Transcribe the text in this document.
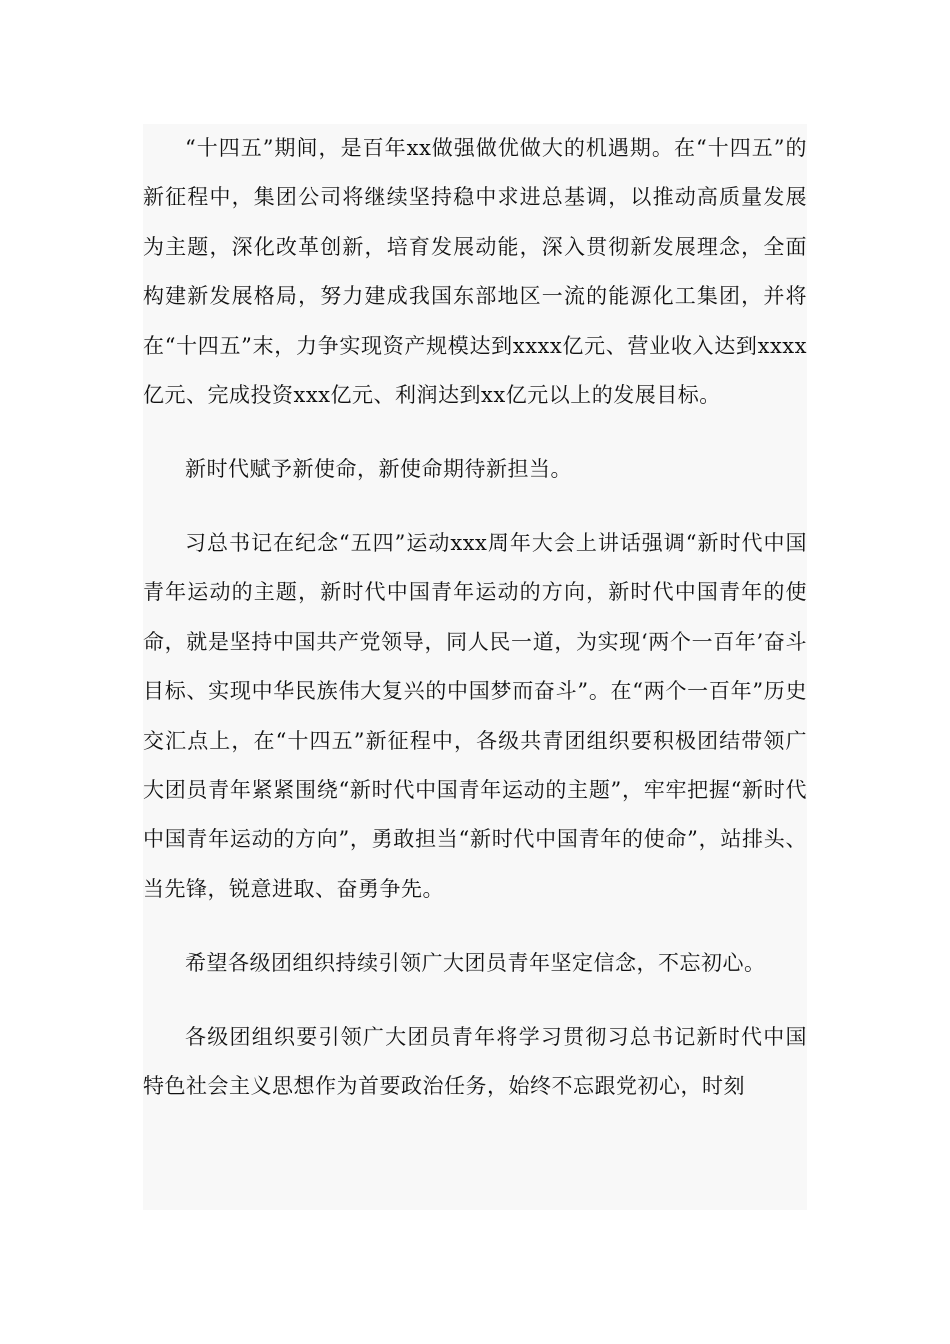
“十四五”期间，是百年xx做强做优做大的机遇期。在“十四五”的新征程中，集团公司将继续坚持稳中求进总基调，以推动高质量发展为主题，深化改革创新，培育发展动能，深入贯彻新发展理念，全面构建新发展格局，努力建成我国东部地区一流的能源化工集团，并将在“十四五”末，力争实现资产规模达到xxxx亿元、营业收入达到xxxx亿元、完成投资xxx亿元、利润达到xx亿元以上的发展目标。

新时代赋予新使命，新使命期待新担当。

习总书记在纪念“五四”运动xxx周年大会上讲话强调“新时代中国青年运动的主题，新时代中国青年运动的方向，新时代中国青年的使命，就是坚持中国共产党领导，同人民一道，为实现‘两个一百年’奋斗目标、实现中华民族伟大复兴的中国梦而奋斗”。在“两个一百年”历史交汇点上，在“十四五”新征程中，各级共青团组织要积极团结带领广大团员青年紧紧围绕“新时代中国青年运动的主题”，牢牢把握“新时代中国青年运动的方向”，勇敢担当“新时代中国青年的使命”，站排头、当先锋，锐意进取、奋勇争先。

希望各级团组织持续引领广大团员青年坚定信念，不忘初心。

各级团组织要引领广大团员青年将学习贯彻习总书记新时代中国特色社会主义思想作为首要政治任务，始终不忘跟党初心，时刻
